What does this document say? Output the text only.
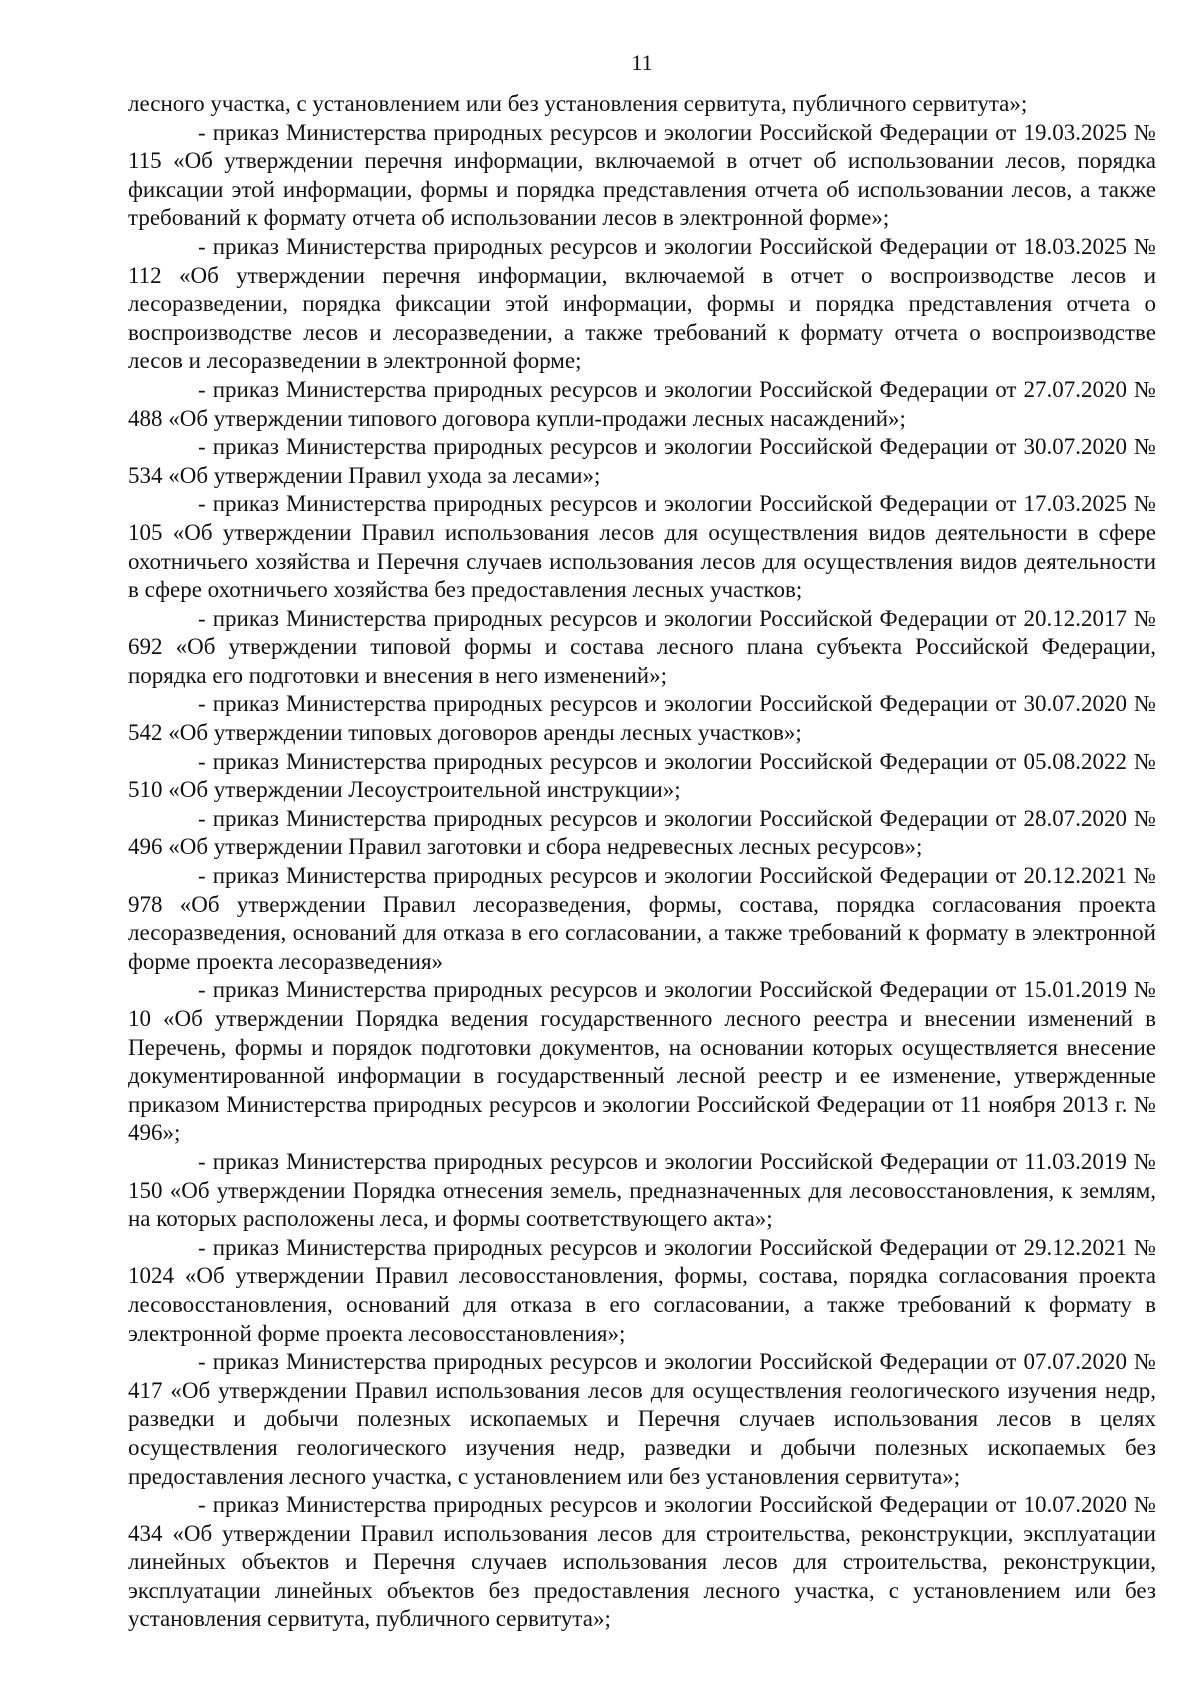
11

лесного участка, с установлением или без установления сервитута, публичного сервитута»;

- приказ Министерства природных ресурсов и экологии Российской Федерации от 19.03.2025 № 115 «Об утверждении перечня информации, включаемой в отчет об использовании лесов, порядка фиксации этой информации, формы и порядка представления отчета об использовании лесов, а также требований к формату отчета об использовании лесов в электронной форме»;

- приказ Министерства природных ресурсов и экологии Российской Федерации от 18.03.2025 № 112 «Об утверждении перечня информации, включаемой в отчет о воспроизводстве лесов и лесоразведении, порядка фиксации этой информации, формы и порядка представления отчета о воспроизводстве лесов и лесоразведении, а также требований к формату отчета о воспроизводстве лесов и лесоразведении в электронной форме;

- приказ Министерства природных ресурсов и экологии Российской Федерации от 27.07.2020 № 488 «Об утверждении типового договора купли-продажи лесных насаждений»;

- приказ Министерства природных ресурсов и экологии Российской Федерации от 30.07.2020 № 534 «Об утверждении Правил ухода за лесами»;

- приказ Министерства природных ресурсов и экологии Российской Федерации от 17.03.2025 № 105 «Об утверждении Правил использования лесов для осуществления видов деятельности в сфере охотничьего хозяйства и Перечня случаев использования лесов для осуществления видов деятельности в сфере охотничьего хозяйства без предоставления лесных участков;

- приказ Министерства природных ресурсов и экологии Российской Федерации от 20.12.2017 № 692 «Об утверждении типовой формы и состава лесного плана субъекта Российской Федерации, порядка его подготовки и внесения в него изменений»;

- приказ Министерства природных ресурсов и экологии Российской Федерации от 30.07.2020 № 542 «Об утверждении типовых договоров аренды лесных участков»;

- приказ Министерства природных ресурсов и экологии Российской Федерации от 05.08.2022 № 510 «Об утверждении Лесоустроительной инструкции»;

- приказ Министерства природных ресурсов и экологии Российской Федерации от 28.07.2020 № 496 «Об утверждении Правил заготовки и сбора недревесных лесных ресурсов»;

- приказ Министерства природных ресурсов и экологии Российской Федерации от 20.12.2021 № 978 «Об утверждении Правил лесоразведения, формы, состава, порядка согласования проекта лесоразведения, оснований для отказа в его согласовании, а также требований к формату в электронной форме проекта лесоразведения»

- приказ Министерства природных ресурсов и экологии Российской Федерации от 15.01.2019 № 10 «Об утверждении Порядка ведения государственного лесного реестра и внесении изменений в Перечень, формы и порядок подготовки документов, на основании которых осуществляется внесение документированной информации в государственный лесной реестр и ее изменение, утвержденные приказом Министерства природных ресурсов и экологии Российской Федерации от 11 ноября 2013 г. № 496»;

- приказ Министерства природных ресурсов и экологии Российской Федерации от 11.03.2019 № 150 «Об утверждении Порядка отнесения земель, предназначенных для лесовосстановления, к землям, на которых расположены леса, и формы соответствующего акта»;

- приказ Министерства природных ресурсов и экологии Российской Федерации от 29.12.2021 № 1024 «Об утверждении Правил лесовосстановления, формы, состава, порядка согласования проекта лесовосстановления, оснований для отказа в его согласовании, а также требований к формату в электронной форме проекта лесовосстановления»;

- приказ Министерства природных ресурсов и экологии Российской Федерации от 07.07.2020 № 417 «Об утверждении Правил использования лесов для осуществления геологического изучения недр, разведки и добычи полезных ископаемых и Перечня случаев использования лесов в целях осуществления геологического изучения недр, разведки и добычи полезных ископаемых без предоставления лесного участка, с установлением или без установления сервитута»;

- приказ Министерства природных ресурсов и экологии Российской Федерации от 10.07.2020 № 434 «Об утверждении Правил использования лесов для строительства, реконструкции, эксплуатации линейных объектов и Перечня случаев использования лесов для строительства, реконструкции, эксплуатации линейных объектов без предоставления лесного участка, с установлением или без установления сервитута, публичного сервитута»;
